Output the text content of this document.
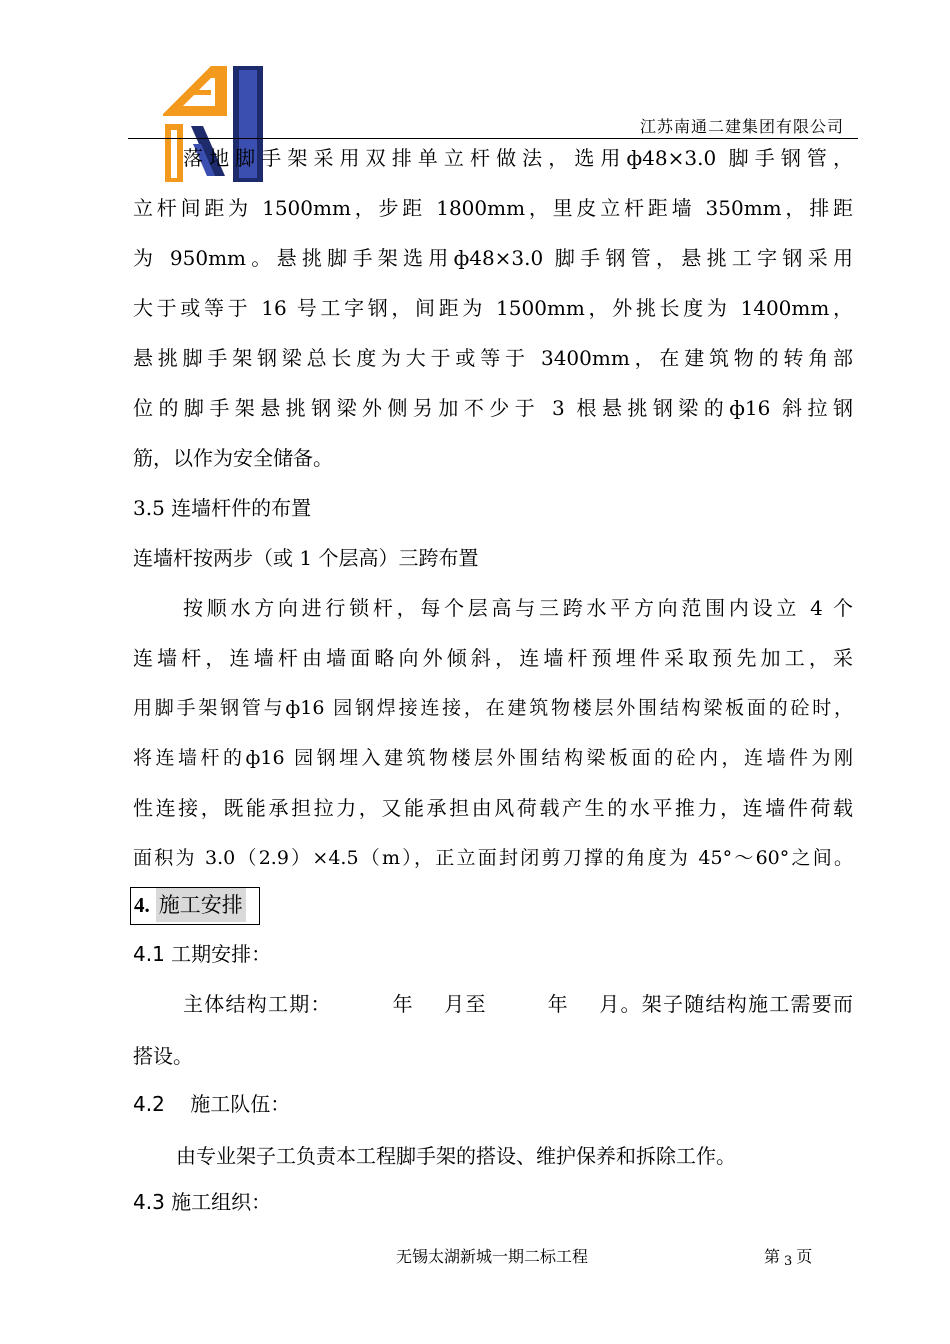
江苏南通二建集团有限公司
落地脚手架采用双排单立杆做法，选用ф48×3.0 脚手钢管，
立杆间距为 1500mm，步距 1800mm，里皮立杆距墙 350mm，排距
为 950mm。悬挑脚手架选用ф48×3.0 脚手钢管，悬挑工字钢采用
大于或等于 16 号工字钢，间距为 1500mm，外挑长度为 1400mm，
悬挑脚手架钢梁总长度为大于或等于 3400mm，在建筑物的转角部
位的脚手架悬挑钢梁外侧另加不少于 3 根悬挑钢梁的ф16 斜拉钢
筋，以作为安全储备。
3.5 连墙杆件的布置
连墙杆按两步（或 1 个层高）三跨布置
按顺水方向进行锁杆，每个层高与三跨水平方向范围内设立 4 个
连墙杆，连墙杆由墙面略向外倾斜，连墙杆预埋件采取预先加工，采
用脚手架钢管与ф16 园钢焊接连接，在建筑物楼层外围结构梁板面的砼时，
将连墙杆的ф16 园钢埋入建筑物楼层外围结构梁板面的砼内，连墙件为刚
性连接，既能承担拉力，又能承担由风荷载产生的水平推力，连墙件荷载
面积为 3.0（2.9）×4.5（m），正立面封闭剪刀撑的角度为 45°～60°之间。
4. 施工安排
4.1 工期安排：
主体结构工期：        年    月至        年    月。架子随结构施工需要而
搭设。
4.2    施工队伍：
由专业架子工负责本工程脚手架的搭设、维护保养和拆除工作。
4.3 施工组织：
无锡太湖新城一期二标工程	第 3 页
